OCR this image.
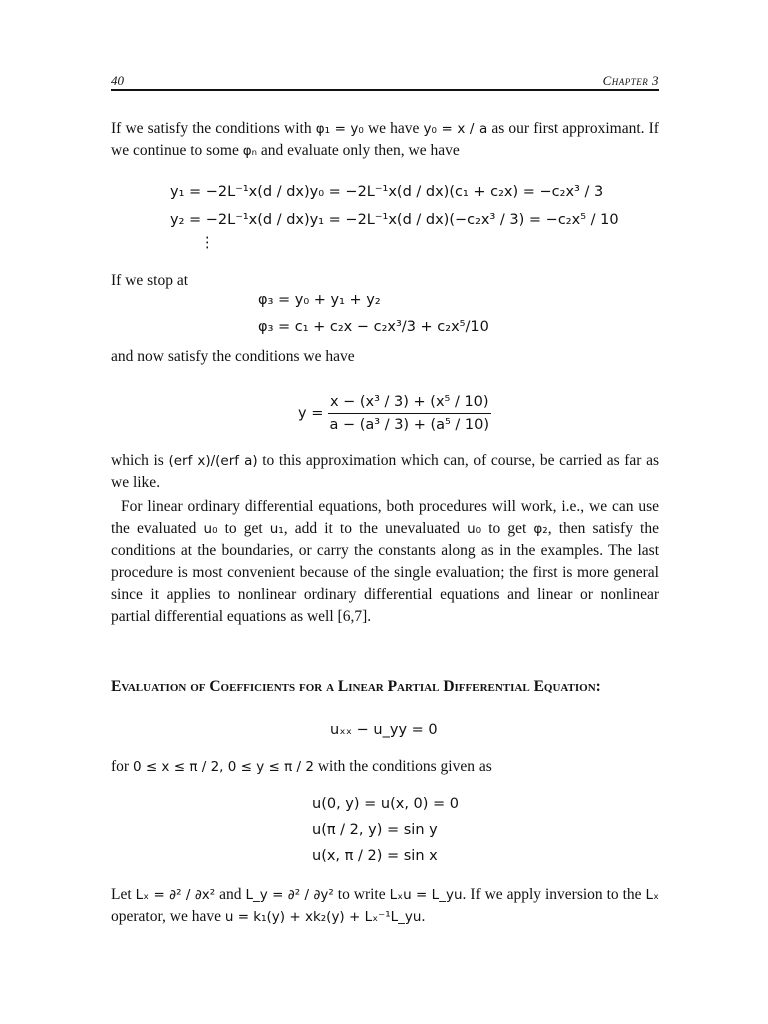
40	Chapter 3
If we satisfy the conditions with φ₁ = y₀ we have y₀ = x / a as our first approximant. If we continue to some φₙ and evaluate only then, we have
y₁ = −2L⁻¹x(d / dx)y₀ = −2L⁻¹x(d / dx)(c₁ + c₂x) = −c₂x³ / 3
y₂ = −2L⁻¹x(d / dx)y₁ = −2L⁻¹x(d / dx)(−c₂x³ / 3) = −c₂x⁵ / 10
⋮
If we stop at
φ₃ = y₀ + y₁ + y₂
φ₃ = c₁ + c₂x − c₂x³/3 + c₂x⁵/10
and now satisfy the conditions we have
$y = \frac{\text{x − (x³ / 3) + (x⁵ / 10)}}{\text{a − (a³ / 3) + (a⁵ / 10)}}$
which is (erf x)/(erf a) to this approximation which can, of course, be carried as far as we like.
For linear ordinary differential equations, both procedures will work, i.e., we can use the evaluated u₀ to get u₁, add it to the unevaluated u₀ to get φ₂, then satisfy the conditions at the boundaries, or carry the constants along as in the examples. The last procedure is most convenient because of the single evaluation; the first is more general since it applies to nonlinear ordinary differential equations and linear or nonlinear partial differential equations as well [6,7].
Evaluation of Coefficients for a Linear Partial Differential Equation:
uₓₓ − u_yy = 0
for 0 ≤ x ≤ π / 2, 0 ≤ y ≤ π / 2 with the conditions given as
u(0, y) = u(x, 0) = 0
u(π / 2, y) = sin y
u(x, π / 2) = sin x
Let Lₓ = ∂² / ∂x² and L_y = ∂² / ∂y² to write Lₓu = L_yu. If we apply inversion to the Lₓ operator, we have u = k₁(y) + xk₂(y) + Lₓ⁻¹L_yu.
